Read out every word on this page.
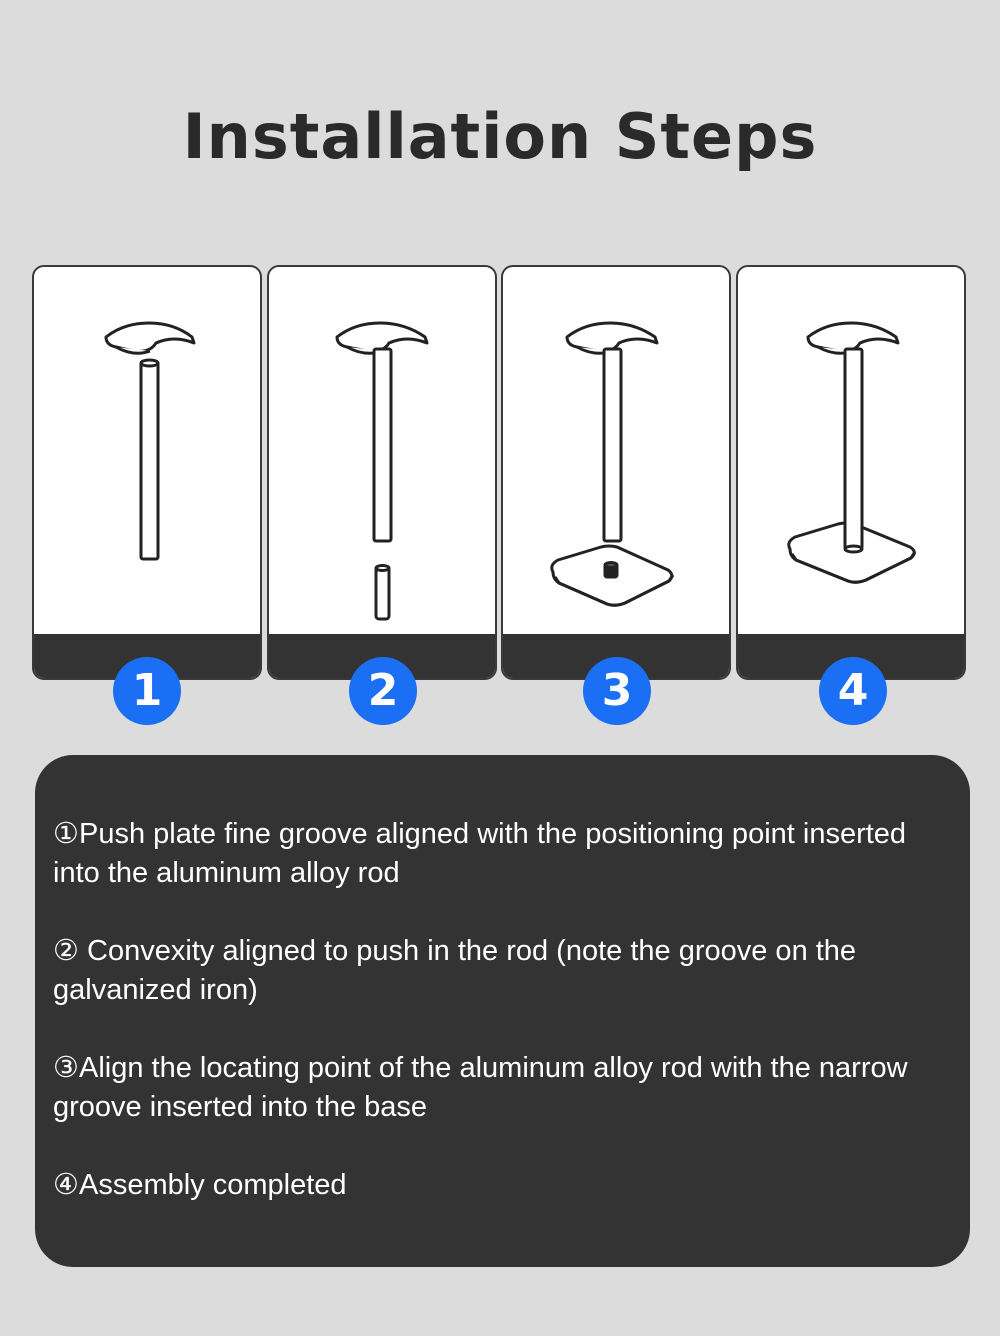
Installation Steps
1	2	3	4

①Push plate fine groove aligned with the positioning point inserted into the aluminum alloy rod

② Convexity aligned to push in the rod (note the groove on the galvanized iron)

③Align the locating point of the aluminum alloy rod with the narrow groove inserted into the base

④Assembly completed
